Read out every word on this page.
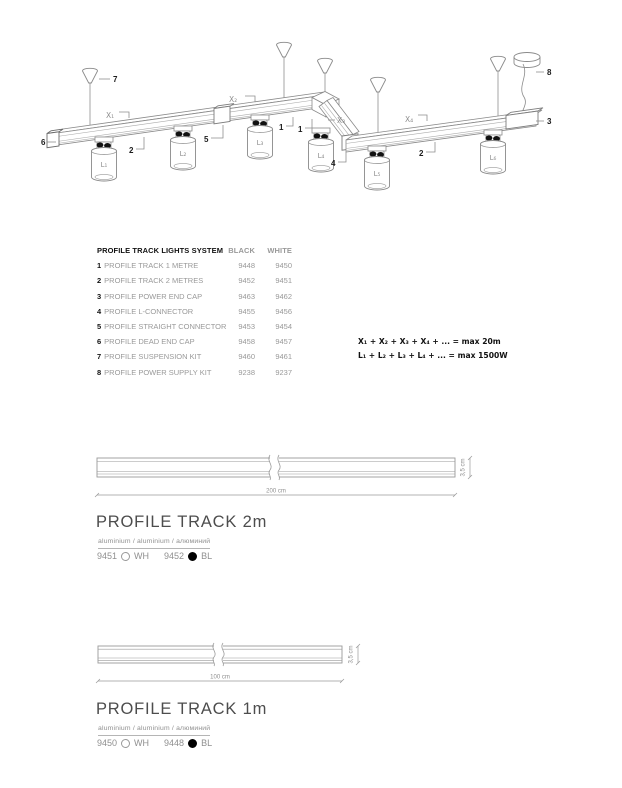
7
6
2
5
1 1
4
2
3
8
X₁
X₂
X₃	X₄
L₁
L₂
L₃
L₄
L₅
L₆
PROFILE TRACK LIGHTS SYSTEM BLACK	WHITE
1 PROFILE TRACK 1 METRE	9448	9450
2 PROFILE TRACK 2 METRES	9452	9451
3 PROFILE POWER END CAP	9463	9462
4 PROFILE L-CONNECTOR	9455	9456
5 PROFILE STRAIGHT CONNECTOR	9453	9454
6 PROFILE DEAD END CAP	9458	9457
7 PROFILE SUSPENSION KIT	9460	9461
8 PROFILE POWER SUPPLY KIT	9238	9237
X₁ + X₂ + X₃ + X₄ + ... = max 20m
L₁ + L₂ + L₃ + L₄ + ... = max 1500W
200 cm
3,5 cm
PROFILE TRACK 2m
aluminium / aluminium / алюминий
9451 WH 9452 BL
100 cm
3,5 cm
PROFILE TRACK 1m
aluminium / aluminium / алюминий
9450 WH 9448 BL
